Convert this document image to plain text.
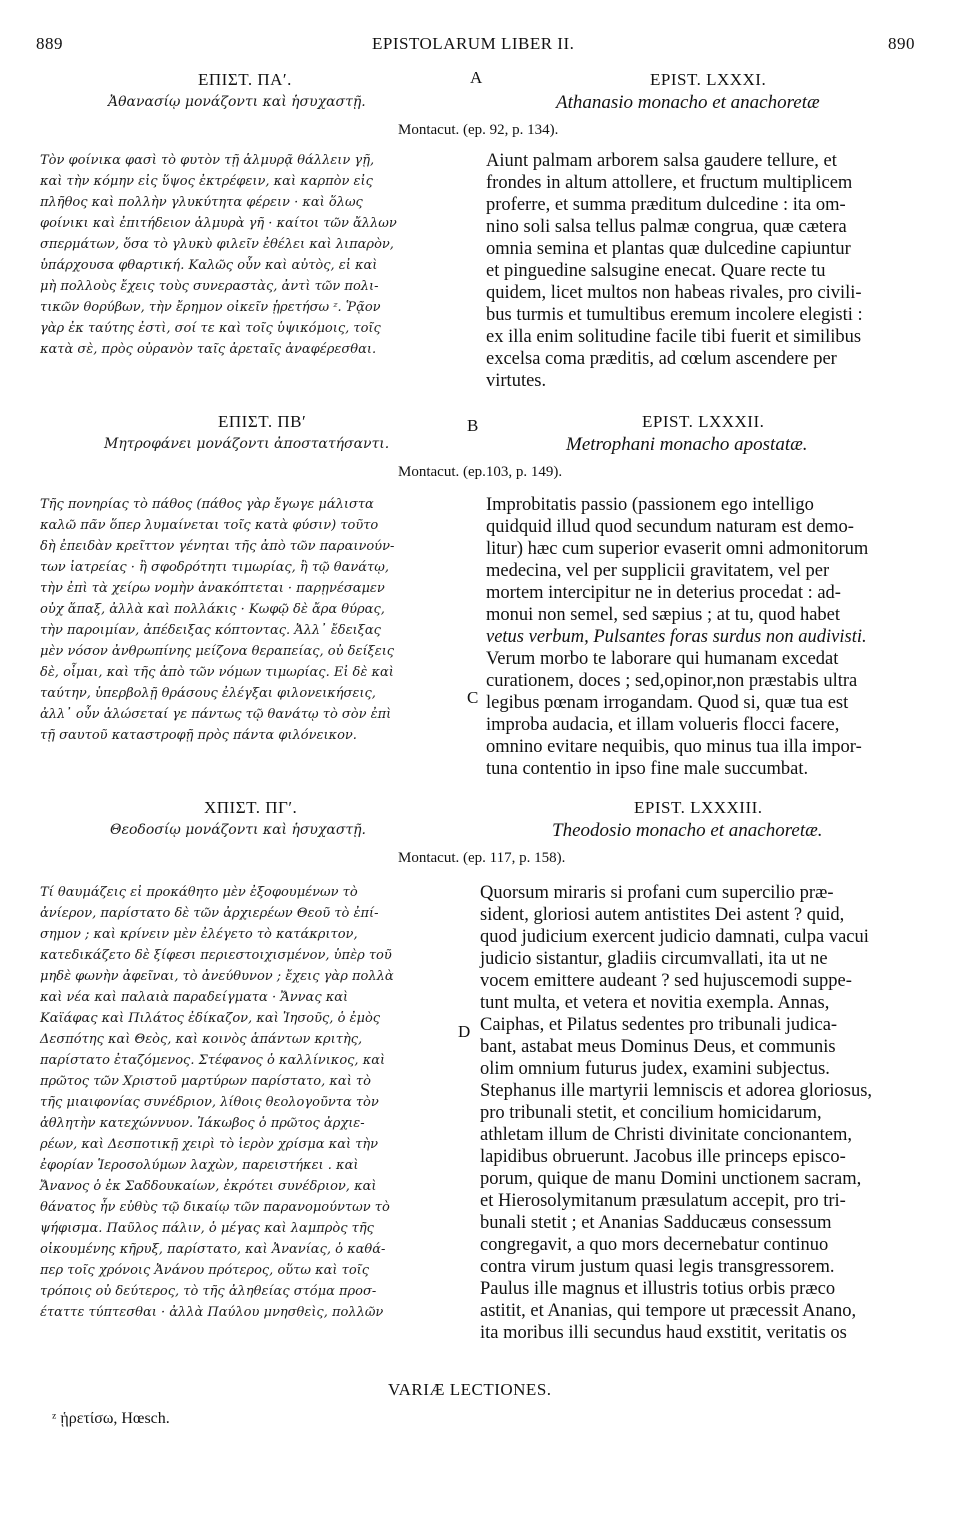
889	EPISTOLARUM LIBER II.	890
A
B
C
D
ΕΠΙΣΤ. ΠΑʹ.
Ἀθανασίῳ μονάζοντι καὶ ἡσυχαστῇ.
EPIST. LXXXI.
Athanasio monacho et anachoretæ
Montacut. (ep. 92, p. 134).
Τὸν φοίνικα φασὶ τὸ φυτὸν τῇ ἁλμυρᾷ θάλλειν γῇ,
καὶ τὴν κόμην εἰς ὕψος ἐκτρέφειν, καὶ καρπὸν εἰς
πλῆθος καὶ πολλὴν γλυκύτητα φέρειν · καὶ ὅλως
φοίνικι καὶ ἐπιτήδειον ἁλμυρὰ γῆ · καίτοι τῶν ἄλλων
σπερμάτων, ὅσα τὸ γλυκὺ φιλεῖν ἐθέλει καὶ λιπαρὸν,
ὑπάρχουσα φθαρτική. Καλῶς οὖν καὶ αὐτὸς, εἰ καὶ
μὴ πολλοὺς ἔχεις τοὺς συνεραστὰς, ἀντὶ τῶν πολι-
τικῶν θορύβων, τὴν ἔρημον οἰκεῖν ᾑρετήσω ᶻ. Ῥᾷον
γὰρ ἐκ ταύτης ἐστὶ, σοί τε καὶ τοῖς ὑψικόμοις, τοῖς
κατὰ σὲ, πρὸς οὐρανὸν ταῖς ἀρεταῖς ἀναφέρεσθαι.
Aiunt palmam arborem salsa gaudere tellure, et
frondes in altum attollere, et fructum multiplicem
proferre, et summa præditum dulcedine : ita om-
nino soli salsa tellus palmæ congrua, quæ cætera
omnia semina et plantas quæ dulcedine capiuntur
et pinguedine salsugine enecat. Quare recte tu
quidem, licet multos non habeas rivales, pro civili-
bus turmis et tumultibus eremum incolere elegisti :
ex illa enim solitudine facile tibi fuerit et similibus
excelsa coma præditis, ad cœlum ascendere per
virtutes.
ΕΠΙΣΤ. ΠΒʹ
Μητροφάνει μονάζοντι ἀποστατήσαντι.
EPIST. LXXXII.
Metrophani monacho apostatæ.
Montacut. (ep.103, p. 149).
Τῆς πονηρίας τὸ πάθος (πάθος γὰρ ἔγωγε μάλιστα
καλῶ πᾶν ὅπερ λυμαίνεται τοῖς κατὰ φύσιν) τοῦτο
δὴ ἐπειδὰν κρεῖττον γένηται τῆς ἀπὸ τῶν παραινούν-
των ἰατρείας · ἢ σφοδρότητι τιμωρίας, ἢ τῷ θανάτῳ,
τὴν ἐπὶ τὰ χείρω νομὴν ἀνακόπτεται · παρῃνέσαμεν
οὐχ ἅπαξ, ἀλλὰ καὶ πολλάκις · Κωφῷ δὲ ἄρα θύρας,
τὴν παροιμίαν, ἀπέδειξας κόπτοντας. Ἀλλ᾽ ἔδειξας
μὲν νόσον ἀνθρωπίνης μείζονα θεραπείας, οὐ δείξεις
δὲ, οἶμαι, καὶ τῆς ἀπὸ τῶν νόμων τιμωρίας. Εἰ δὲ καὶ
ταύτην, ὑπερβολῇ θράσους ἐλέγξαι φιλονεικήσεις,
ἀλλ᾽ οὖν ἁλώσεταί γε πάντως τῷ θανάτῳ τὸ σὸν ἐπὶ
τῇ σαυτοῦ καταστροφῇ πρὸς πάντα φιλόνεικον.
Improbitatis passio (passionem ego intelligo
quidquid illud quod secundum naturam est demo-
litur) hæc cum superior evaserit omni admonitorum
medecina, vel per supplicii gravitatem, vel per
mortem intercipitur ne in deterius procedat : ad-
monui non semel, sed sæpius ; at tu, quod habet
vetus verbum, Pulsantes foras surdus non audivisti.
Verum morbo te laborare qui humanam excedat
curationem, doces ; sed,opinor,non præstabis ultra
legibus pœnam irrogandam. Quod si, quæ tua est
improba audacia, et illam volueris flocci facere,
omnino evitare nequibis, quo minus tua illa impor-
tuna contentio in ipso fine male succumbat.
ΧΠΙΣΤ. ΠΓʹ.
Θεοδοσίῳ μονάζοντι καὶ ἡσυχαστῇ.
EPIST. LXXXIII.
Theodosio monacho et anachoretæ.
Montacut. (ep. 117, p. 158).
Τί θαυμάζεις εἰ προκάθητο μὲν ἐξοφουμένων τὸ
ἀνίερον, παρίστατο δὲ τῶν ἀρχιερέων Θεοῦ τὸ ἐπί-
σημον ; καὶ κρίνειν μὲν ἐλέγετο τὸ κατάκριτον,
κατεδικάζετο δὲ ξίφεσι περιεστοιχισμένον, ὑπὲρ τοῦ
μηδὲ φωνὴν ἀφεῖναι, τὸ ἀνεύθυνον ; ἔχεις γὰρ πολλὰ
καὶ νέα καὶ παλαιὰ παραδείγματα · Ἄννας καὶ
Καϊάφας καὶ Πιλάτος ἐδίκαζον, καὶ Ἰησοῦς, ὁ ἐμὸς
Δεσπότης καὶ Θεὸς, καὶ κοινὸς ἁπάντων κριτὴς,
παρίστατο ἐταζόμενος. Στέφανος ὁ καλλίνικος, καὶ
πρῶτος τῶν Χριστοῦ μαρτύρων παρίστατο, καὶ τὸ
τῆς μιαιφονίας συνέδριον, λίθοις θεολογοῦντα τὸν
ἀθλητὴν κατεχώννυον. Ἰάκωβος ὁ πρῶτος ἀρχιε-
ρέων, καὶ Δεσποτικῇ χειρὶ τὸ ἱερὸν χρίσμα καὶ τὴν
ἐφορίαν Ἱεροσολύμων λαχὼν, παρειστήκει . καὶ
Ἄνανος ὁ ἐκ Σαδδουκαίων, ἐκρότει συνέδριον, καὶ
θάνατος ἦν εὐθὺς τῷ δικαίῳ τῶν παρανομούντων τὸ
ψήφισμα. Παῦλος πάλιν, ὁ μέγας καὶ λαμπρὸς τῆς
οἰκουμένης κῆρυξ, παρίστατο, καὶ Ἀνανίας, ὁ καθά-
περ τοῖς χρόνοις Ἀνάνου πρότερος, οὕτω καὶ τοῖς
τρόποις οὐ δεύτερος, τὸ τῆς ἀληθείας στόμα προσ-
έταττε τύπτεσθαι · ἀλλὰ Παύλου μνησθεὶς, πολλῶν
Quorsum miraris si profani cum supercilio præ-
sident, gloriosi autem antistites Dei astent ? quid,
quod judicium exercent judicio damnati, culpa vacui
judicio sistantur, gladiis circumvallati, ita ut ne
vocem emittere audeant ? sed hujuscemodi suppe-
tunt multa, et vetera et novitia exempla. Annas,
Caiphas, et Pilatus sedentes pro tribunali judica-
bant, astabat meus Dominus Deus, et communis
olim omnium futurus judex, examini subjectus.
Stephanus ille martyrii lemniscis et adorea gloriosus,
pro tribunali stetit, et concilium homicidarum,
athletam illum de Christi divinitate concionantem,
lapidibus obruerunt. Jacobus ille princeps episco-
porum, quique de manu Domini unctionem sacram,
et Hierosolymitanum præsulatum accepit, pro tri-
bunali stetit ; et Ananias Sadducæus consessum
congregavit, a quo mors decernebatur continuo
contra virum justum quasi legis transgressorem.
Paulus ille magnus et illustris totius orbis præco
astitit, et Ananias, qui tempore ut præcessit Anano,
ita moribus illi secundus haud exstitit, veritatis os
VARIÆ LECTIONES.
ᶻ ᾑρετίσω, Hœsch.
